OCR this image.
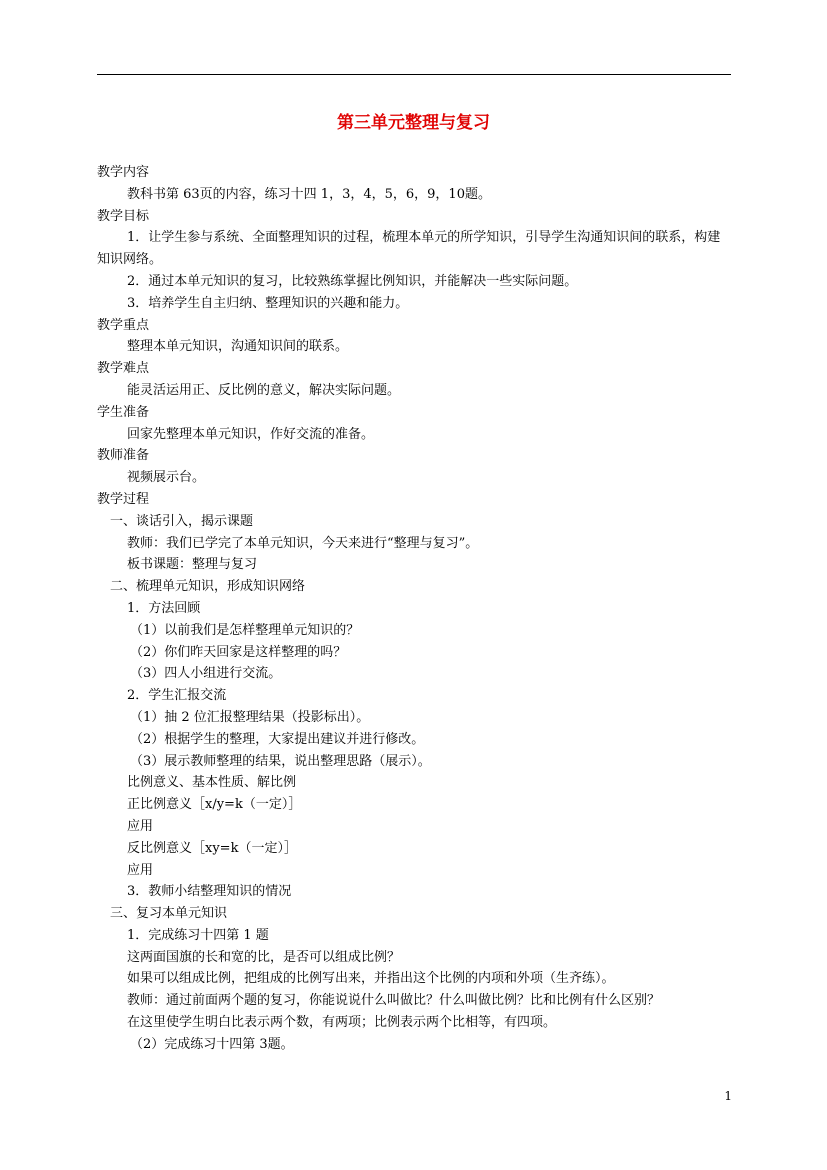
第三单元整理与复习
教学内容
教科书第 63页的内容，练习十四 1，3，4，5，6，9，10题。
教学目标
1．让学生参与系统、全面整理知识的过程，梳理本单元的所学知识，引导学生沟通知识间的联系，构建知识网络。
2．通过本单元知识的复习，比较熟练掌握比例知识，并能解决一些实际问题。
3．培养学生自主归纳、整理知识的兴趣和能力。
教学重点
整理本单元知识，沟通知识间的联系。
教学难点
能灵活运用正、反比例的意义，解决实际问题。
学生准备
回家先整理本单元知识，作好交流的准备。
教师准备
视频展示台。
教学过程
一、谈话引入，揭示课题
教师：我们已学完了本单元知识，今天来进行“整理与复习”。
板书课题：整理与复习
二、梳理单元知识，形成知识网络
1．方法回顾
（1）以前我们是怎样整理单元知识的？
（2）你们昨天回家是这样整理的吗？
（3）四人小组进行交流。
2．学生汇报交流
（1）抽 2 位汇报整理结果（投影标出）。
（2）根据学生的整理，大家提出建议并进行修改。
（3）展示教师整理的结果，说出整理思路（展示）。
比例意义、基本性质、解比例
正比例意义［x/y=k（一定）］
应用
反比例意义［xy=k（一定）］
应用
3．教师小结整理知识的情况
三、复习本单元知识
1．完成练习十四第 1 题
这两面国旗的长和宽的比，是否可以组成比例？
如果可以组成比例，把组成的比例写出来，并指出这个比例的内项和外项（生齐练）。
教师：通过前面两个题的复习，你能说说什么叫做比？什么叫做比例？比和比例有什么区别？
在这里使学生明白比表示两个数，有两项；比例表示两个比相等，有四项。
（2）完成练习十四第 3题。
1
